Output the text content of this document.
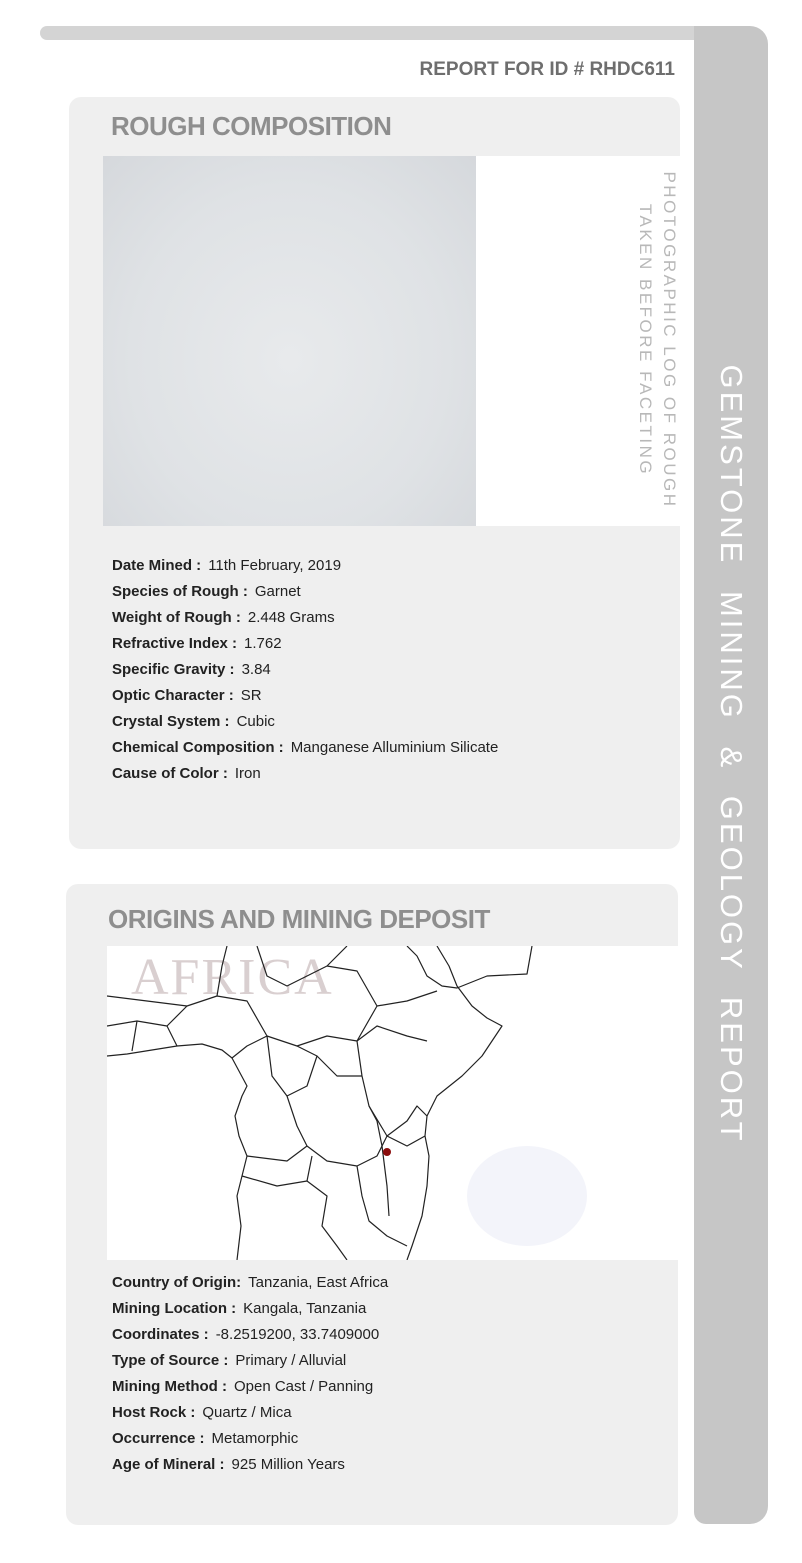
GEMSTONE MINING & GEOLOGY REPORT
REPORT FOR ID # RHDC611
ROUGH COMPOSITION
PHOTOGRAPHIC LOG OF ROUGH
TAKEN BEFORE FACETING
Date Mined : 11th February, 2019
Species of Rough : Garnet
Weight of Rough : 2.448 Grams
Refractive Index : 1.762
Specific Gravity : 3.84
Optic Character : SR
Crystal System : Cubic
Chemical Composition : Manganese Alluminium Silicate
Cause of Color : Iron
ORIGINS AND MINING DEPOSIT
AFRICA
Country of Origin: Tanzania, East Africa
Mining Location : Kangala, Tanzania
Coordinates : -8.2519200, 33.7409000
Type of Source : Primary / Alluvial
Mining Method : Open Cast / Panning
Host Rock : Quartz / Mica
Occurrence : Metamorphic
Age of Mineral : 925 Million Years
